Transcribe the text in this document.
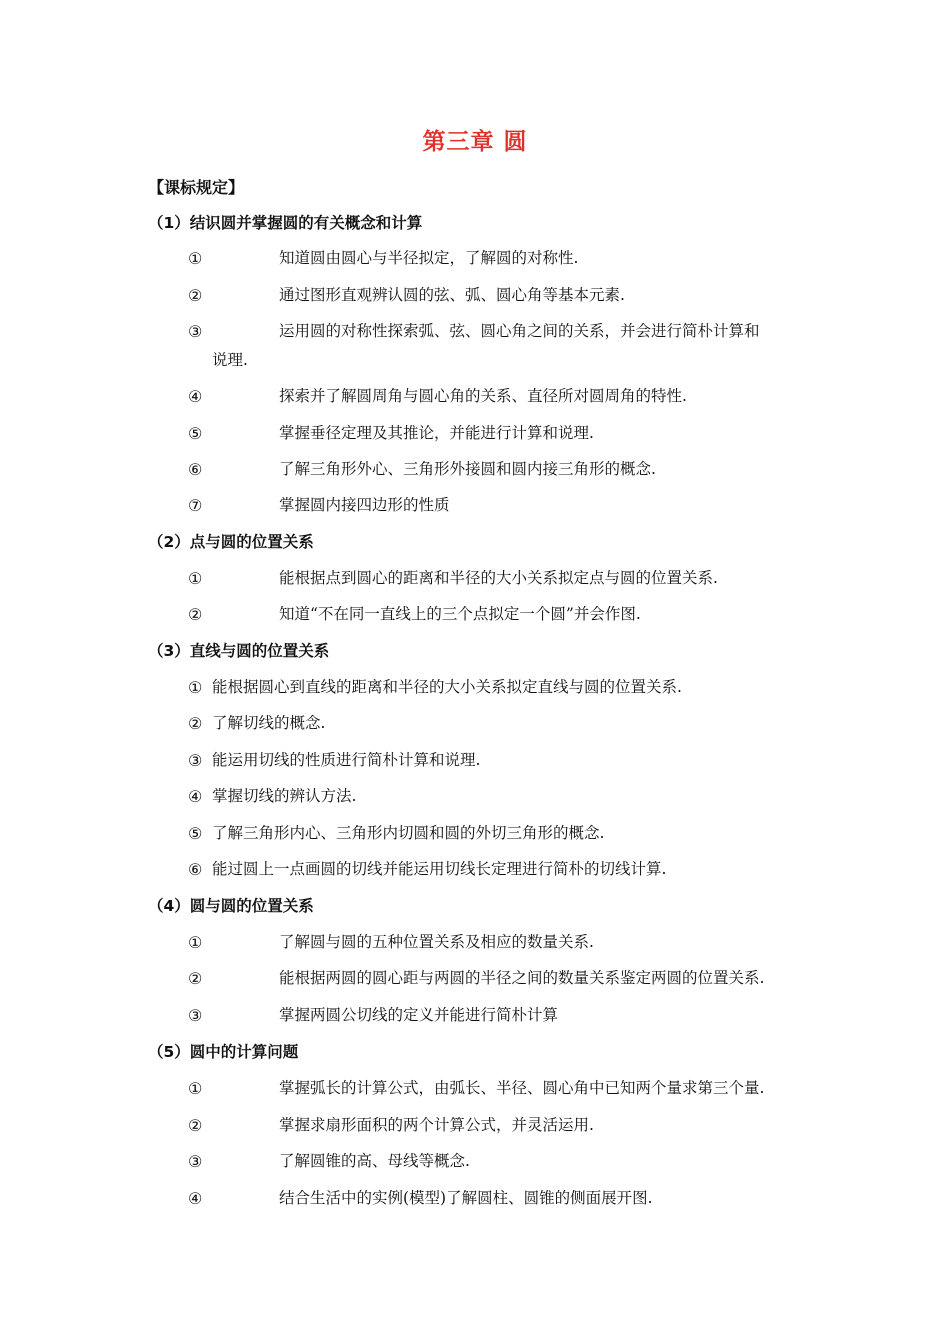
第三章 圆
【课标规定】
（1）结识圆并掌握圆的有关概念和计算
①	知道圆由圆心与半径拟定，了解圆的对称性.
②	通过图形直观辨认圆的弦、弧、圆心角等基本元素.
③	运用圆的对称性探索弧、弦、圆心角之间的关系，并会进行简朴计算和
说理.
④	探索并了解圆周角与圆心角的关系、直径所对圆周角的特性.
⑤	掌握垂径定理及其推论，并能进行计算和说理.
⑥	了解三角形外心、三角形外接圆和圆内接三角形的概念.
⑦	掌握圆内接四边形的性质
（2）点与圆的位置关系
①	能根据点到圆心的距离和半径的大小关系拟定点与圆的位置关系.
②	知道“不在同一直线上的三个点拟定一个圆”并会作图.
（3）直线与圆的位置关系
① 能根据圆心到直线的距离和半径的大小关系拟定直线与圆的位置关系.
② 了解切线的概念.
③ 能运用切线的性质进行简朴计算和说理.
④ 掌握切线的辨认方法.
⑤ 了解三角形内心、三角形内切圆和圆的外切三角形的概念.
⑥ 能过圆上一点画圆的切线并能运用切线长定理进行简朴的切线计算.
（4）圆与圆的位置关系
①	了解圆与圆的五种位置关系及相应的数量关系.
②	能根据两圆的圆心距与两圆的半径之间的数量关系鉴定两圆的位置关系.
③	掌握两圆公切线的定义并能进行简朴计算
（5）圆中的计算问题
①	掌握弧长的计算公式，由弧长、半径、圆心角中已知两个量求第三个量.
②	掌握求扇形面积的两个计算公式，并灵活运用.
③	了解圆锥的高、母线等概念.
④	结合生活中的实例(模型)了解圆柱、圆锥的侧面展开图.
